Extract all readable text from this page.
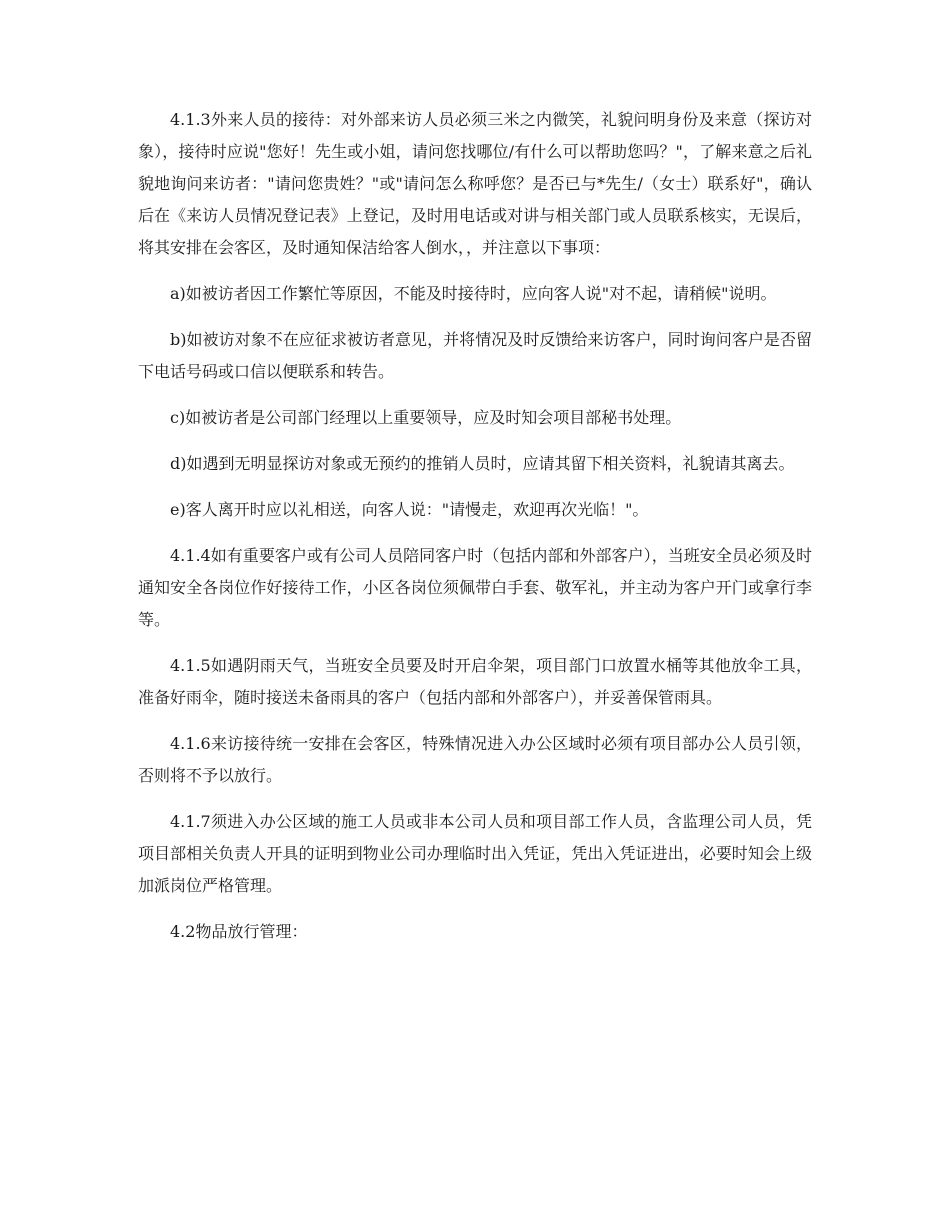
4.1.3外来人员的接待：对外部来访人员必须三米之内微笑，礼貌问明身份及来意（探访对象），接待时应说"您好！先生或小姐，请问您找哪位/有什么可以帮助您吗？"，了解来意之后礼貌地询问来访者："请问您贵姓？"或"请问怎么称呼您？是否已与*先生/（女士）联系好"，确认后在《来访人员情况登记表》上登记，及时用电话或对讲与相关部门或人员联系核实，无误后，将其安排在会客区，及时通知保洁给客人倒水，，并注意以下事项：

a)如被访者因工作繁忙等原因，不能及时接待时，应向客人说"对不起，请稍候"说明。

b)如被访对象不在应征求被访者意见，并将情况及时反馈给来访客户，同时询问客户是否留下电话号码或口信以便联系和转告。

c)如被访者是公司部门经理以上重要领导，应及时知会项目部秘书处理。

d)如遇到无明显探访对象或无预约的推销人员时，应请其留下相关资料，礼貌请其离去。

e)客人离开时应以礼相送，向客人说："请慢走，欢迎再次光临！"。

4.1.4如有重要客户或有公司人员陪同客户时（包括内部和外部客户），当班安全员必须及时通知安全各岗位作好接待工作，小区各岗位须佩带白手套、敬军礼，并主动为客户开门或拿行李等。

4.1.5如遇阴雨天气，当班安全员要及时开启伞架，项目部门口放置水桶等其他放伞工具，准备好雨伞，随时接送未备雨具的客户（包括内部和外部客户），并妥善保管雨具。

4.1.6来访接待统一安排在会客区，特殊情况进入办公区域时必须有项目部办公人员引领，否则将不予以放行。

4.1.7须进入办公区域的施工人员或非本公司人员和项目部工作人员，含监理公司人员，凭项目部相关负责人开具的证明到物业公司办理临时出入凭证，凭出入凭证进出，必要时知会上级加派岗位严格管理。

4.2物品放行管理：
